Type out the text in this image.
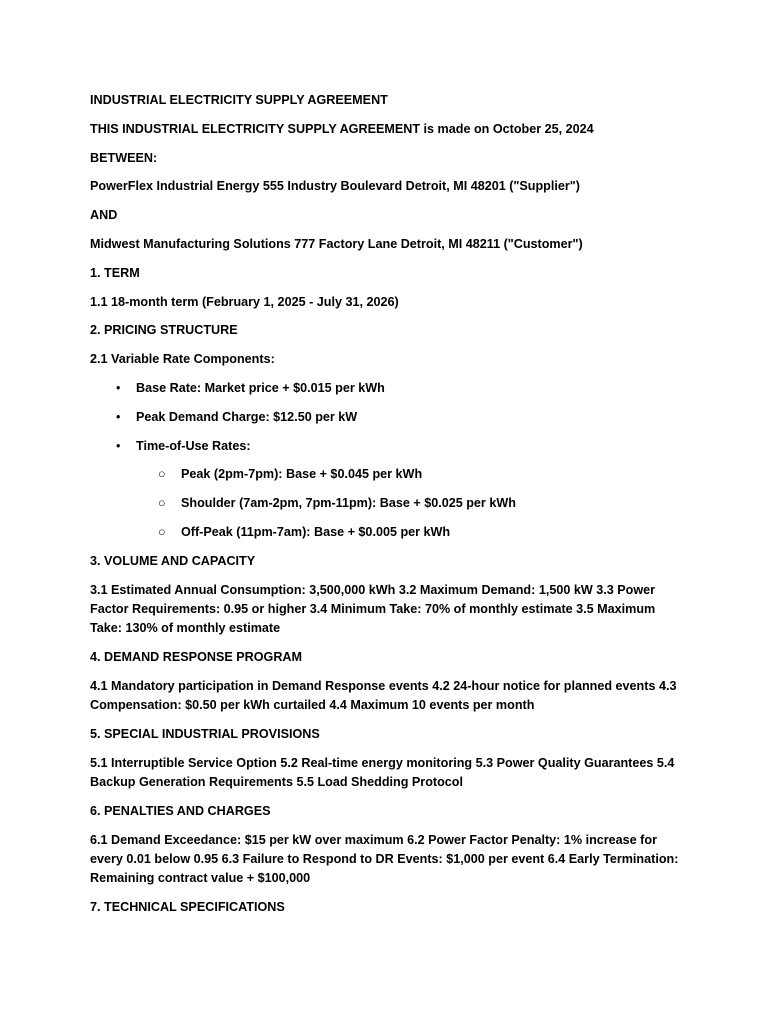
INDUSTRIAL ELECTRICITY SUPPLY AGREEMENT

THIS INDUSTRIAL ELECTRICITY SUPPLY AGREEMENT is made on October 25, 2024

BETWEEN:

PowerFlex Industrial Energy 555 Industry Boulevard Detroit, MI 48201 ("Supplier")

AND

Midwest Manufacturing Solutions 777 Factory Lane Detroit, MI 48211 ("Customer")

1. TERM

1.1 18-month term (February 1, 2025 - July 31, 2026)

2. PRICING STRUCTURE

2.1 Variable Rate Components:

• Base Rate: Market price + $0.015 per kWh
• Peak Demand Charge: $12.50 per kW
• Time-of-Use Rates:
○ Peak (2pm-7pm): Base + $0.045 per kWh
○ Shoulder (7am-2pm, 7pm-11pm): Base + $0.025 per kWh
○ Off-Peak (11pm-7am): Base + $0.005 per kWh

3. VOLUME AND CAPACITY

3.1 Estimated Annual Consumption: 3,500,000 kWh 3.2 Maximum Demand: 1,500 kW 3.3 Power Factor Requirements: 0.95 or higher 3.4 Minimum Take: 70% of monthly estimate 3.5 Maximum Take: 130% of monthly estimate

4. DEMAND RESPONSE PROGRAM

4.1 Mandatory participation in Demand Response events 4.2 24-hour notice for planned events 4.3 Compensation: $0.50 per kWh curtailed 4.4 Maximum 10 events per month

5. SPECIAL INDUSTRIAL PROVISIONS

5.1 Interruptible Service Option 5.2 Real-time energy monitoring 5.3 Power Quality Guarantees 5.4 Backup Generation Requirements 5.5 Load Shedding Protocol

6. PENALTIES AND CHARGES

6.1 Demand Exceedance: $15 per kW over maximum 6.2 Power Factor Penalty: 1% increase for every 0.01 below 0.95 6.3 Failure to Respond to DR Events: $1,000 per event 6.4 Early Termination: Remaining contract value + $100,000

7. TECHNICAL SPECIFICATIONS
